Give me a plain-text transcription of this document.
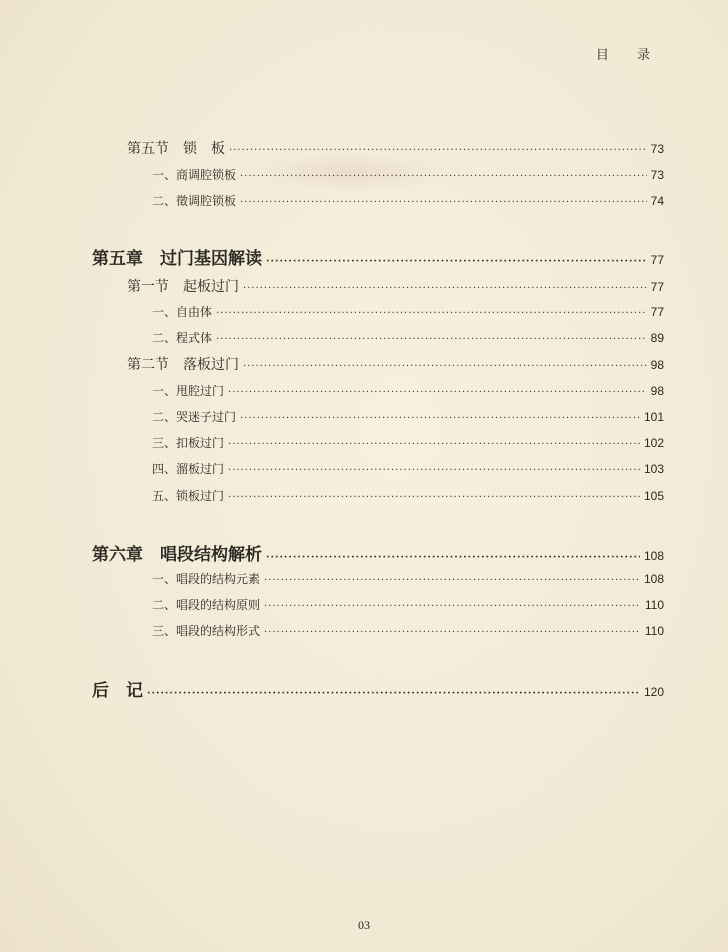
目 录
第五节　锁　板 ·····	73
一、商调腔锁板 ·····	73
二、徵调腔锁板 ·····	74
第五章　过门基因解读 ·····	77
第一节　起板过门 ·····	77
一、自由体 ·····	77
二、程式体 ·····	89
第二节　落板过门 ·····	98
一、甩腔过门 ·····	98
二、哭迷子过门 ·····	101
三、扣板过门 ·····	102
四、溜板过门 ·····	103
五、锁板过门 ·····	105
第六章　唱段结构解析 ·····	108
一、唱段的结构元素 ·····	108
二、唱段的结构原则 ·····	110
三、唱段的结构形式 ·····	110
后　记 ·····	120
03
